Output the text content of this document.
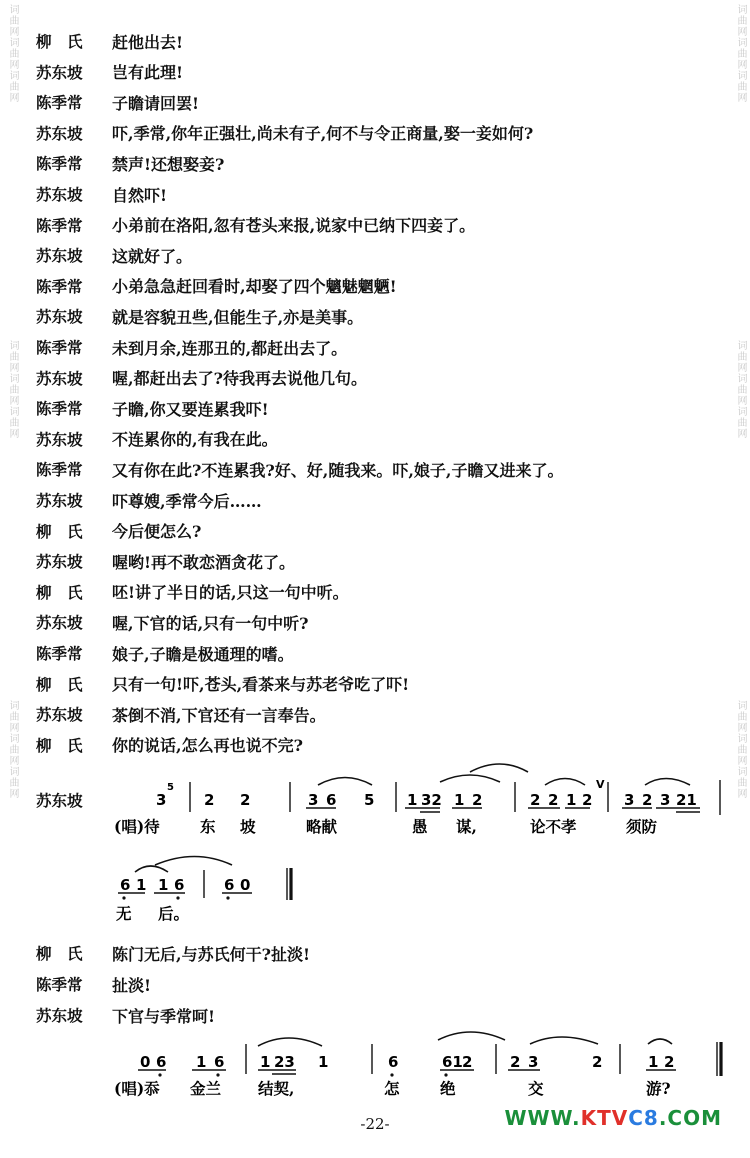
词曲网词曲网词曲网
词曲网词曲网词曲网
词曲网词曲网词曲网
词曲网词曲网词曲网
词曲网词曲网词曲网
词曲网词曲网词曲网
柳　氏	赶他出去!
苏东坡	岂有此理!
陈季常	子瞻请回罢!
苏东坡	吓,季常,你年正强壮,尚未有子,何不与令正商量,娶一妾如何?
陈季常	禁声!还想娶妾?
苏东坡	自然吓!
陈季常	小弟前在洛阳,忽有苍头来报,说家中已纳下四妾了。
苏东坡	这就好了。
陈季常	小弟急急赶回看时,却娶了四个魑魅魍魉!
苏东坡	就是容貌丑些,但能生子,亦是美事。
陈季常	未到月余,连那丑的,都赶出去了。
苏东坡	喔,都赶出去了?待我再去说他几句。
陈季常	子瞻,你又要连累我吓!
苏东坡	不连累你的,有我在此。
陈季常	又有你在此?不连累我?好、好,随我来。吓,娘子,子瞻又进来了。
苏东坡	吓尊嫂,季常今后……
柳　氏	今后便怎么?
苏东坡	喔哟!再不敢恋酒贪花了。
柳　氏	呸!讲了半日的话,只这一句中听。
苏东坡	喔,下官的话,只有一句中听?
陈季常	娘子,子瞻是极通理的嗜。
柳　氏	只有一句!吓,苍头,看茶来与苏老爷吃了吓!
苏东坡	茶倒不消,下官还有一言奉告。
柳　氏	你的说话,怎么再也说不完?
苏东坡	3
5
2 2	3 6 5 1 32 1 2	2 2 1 2
V
3 2 3 21
(唱)待	东 坡	略献	愚 谋,	论不孝	须防
6 1 1 6	6 0
无 后。
柳　氏	陈门无后,与苏氏何干?扯淡!
陈季常	扯淡!
苏东坡	下官与季常呵!
0 6 1 6 1 23 1	6	61 2	2 3	2	1 2
(唱)忝 金兰 结契,	怎	绝	交	游?
-22-	WWW.KTVC8.COM
